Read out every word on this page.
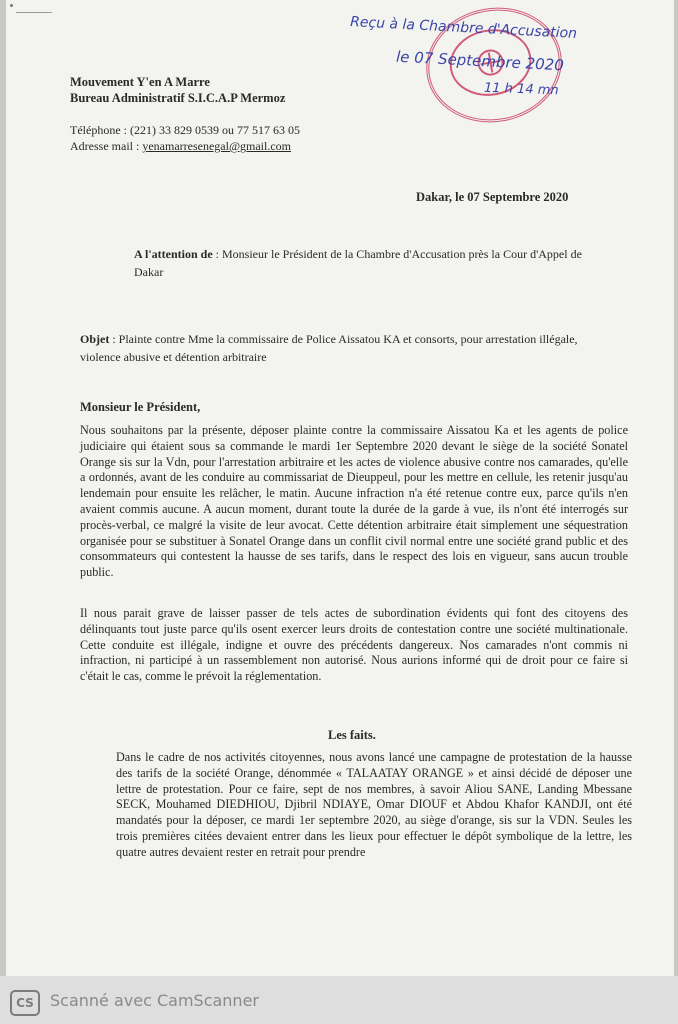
Reçu à la Chambre d'Accusation
le 07 Septembre 2020
11 h 14 mn
Mouvement Y'en A Marre
Bureau Administratif S.I.C.A.P Mermoz
Téléphone : (221) 33 829 0539 ou 77 517 63 05
Adresse mail : yenamarresenegal@gmail.com
Dakar, le 07 Septembre 2020
A l'attention de : Monsieur le Président de la Chambre d'Accusation près la Cour d'Appel de Dakar
Objet : Plainte contre Mme la commissaire de Police Aissatou KA et consorts, pour arrestation illégale, violence abusive et détention arbitraire
Monsieur le Président,
Nous souhaitons par la présente, déposer plainte contre la commissaire Aissatou Ka et les agents de police judiciaire qui étaient sous sa commande le mardi 1er Septembre 2020 devant le siège de la société Sonatel Orange sis sur la Vdn, pour l'arrestation arbitraire et les actes de violence abusive contre nos camarades, qu'elle a ordonnés, avant de les conduire au commissariat de Dieuppeul, pour les mettre en cellule, les retenir jusqu'au lendemain pour ensuite les relâcher, le matin. Aucune infraction n'a été retenue contre eux, parce qu'ils n'en avaient commis aucune. A aucun moment, durant toute la durée de la garde à vue, ils n'ont été interrogés sur procès-verbal, ce malgré la visite de leur avocat. Cette détention arbitraire était simplement une séquestration organisée pour se substituer à Sonatel Orange dans un conflit civil normal entre une société grand public et des consommateurs qui contestent la hausse de ses tarifs, dans le respect des lois en vigueur, sans aucun trouble public.
Il nous parait grave de laisser passer de tels actes de subordination évidents qui font des citoyens des délinquants tout juste parce qu'ils osent exercer leurs droits de contestation contre une société multinationale. Cette conduite est illégale, indigne et ouvre des précédents dangereux. Nos camarades n'ont commis ni infraction, ni participé à un rassemblement non autorisé. Nous aurions informé qui de droit pour ce faire si c'était le cas, comme le prévoit la réglementation.
Les faits.
Dans le cadre de nos activités citoyennes, nous avons lancé une campagne de protestation de la hausse des tarifs de la société Orange, dénommée « TALAATAY ORANGE » et ainsi décidé de déposer une lettre de protestation. Pour ce faire, sept de nos membres, à savoir Aliou SANE, Landing Mbessane SECK, Mouhamed DIEDHIOU, Djibril NDIAYE, Omar DIOUF et Abdou Khafor KANDJI, ont été mandatés pour la déposer, ce mardi 1er septembre 2020, au siège d'orange, sis sur la VDN. Seules les trois premières citées devaient entrer dans les lieux pour effectuer le dépôt symbolique de la lettre, les quatre autres devaient rester en retrait pour prendre
CS	Scanné avec CamScanner
